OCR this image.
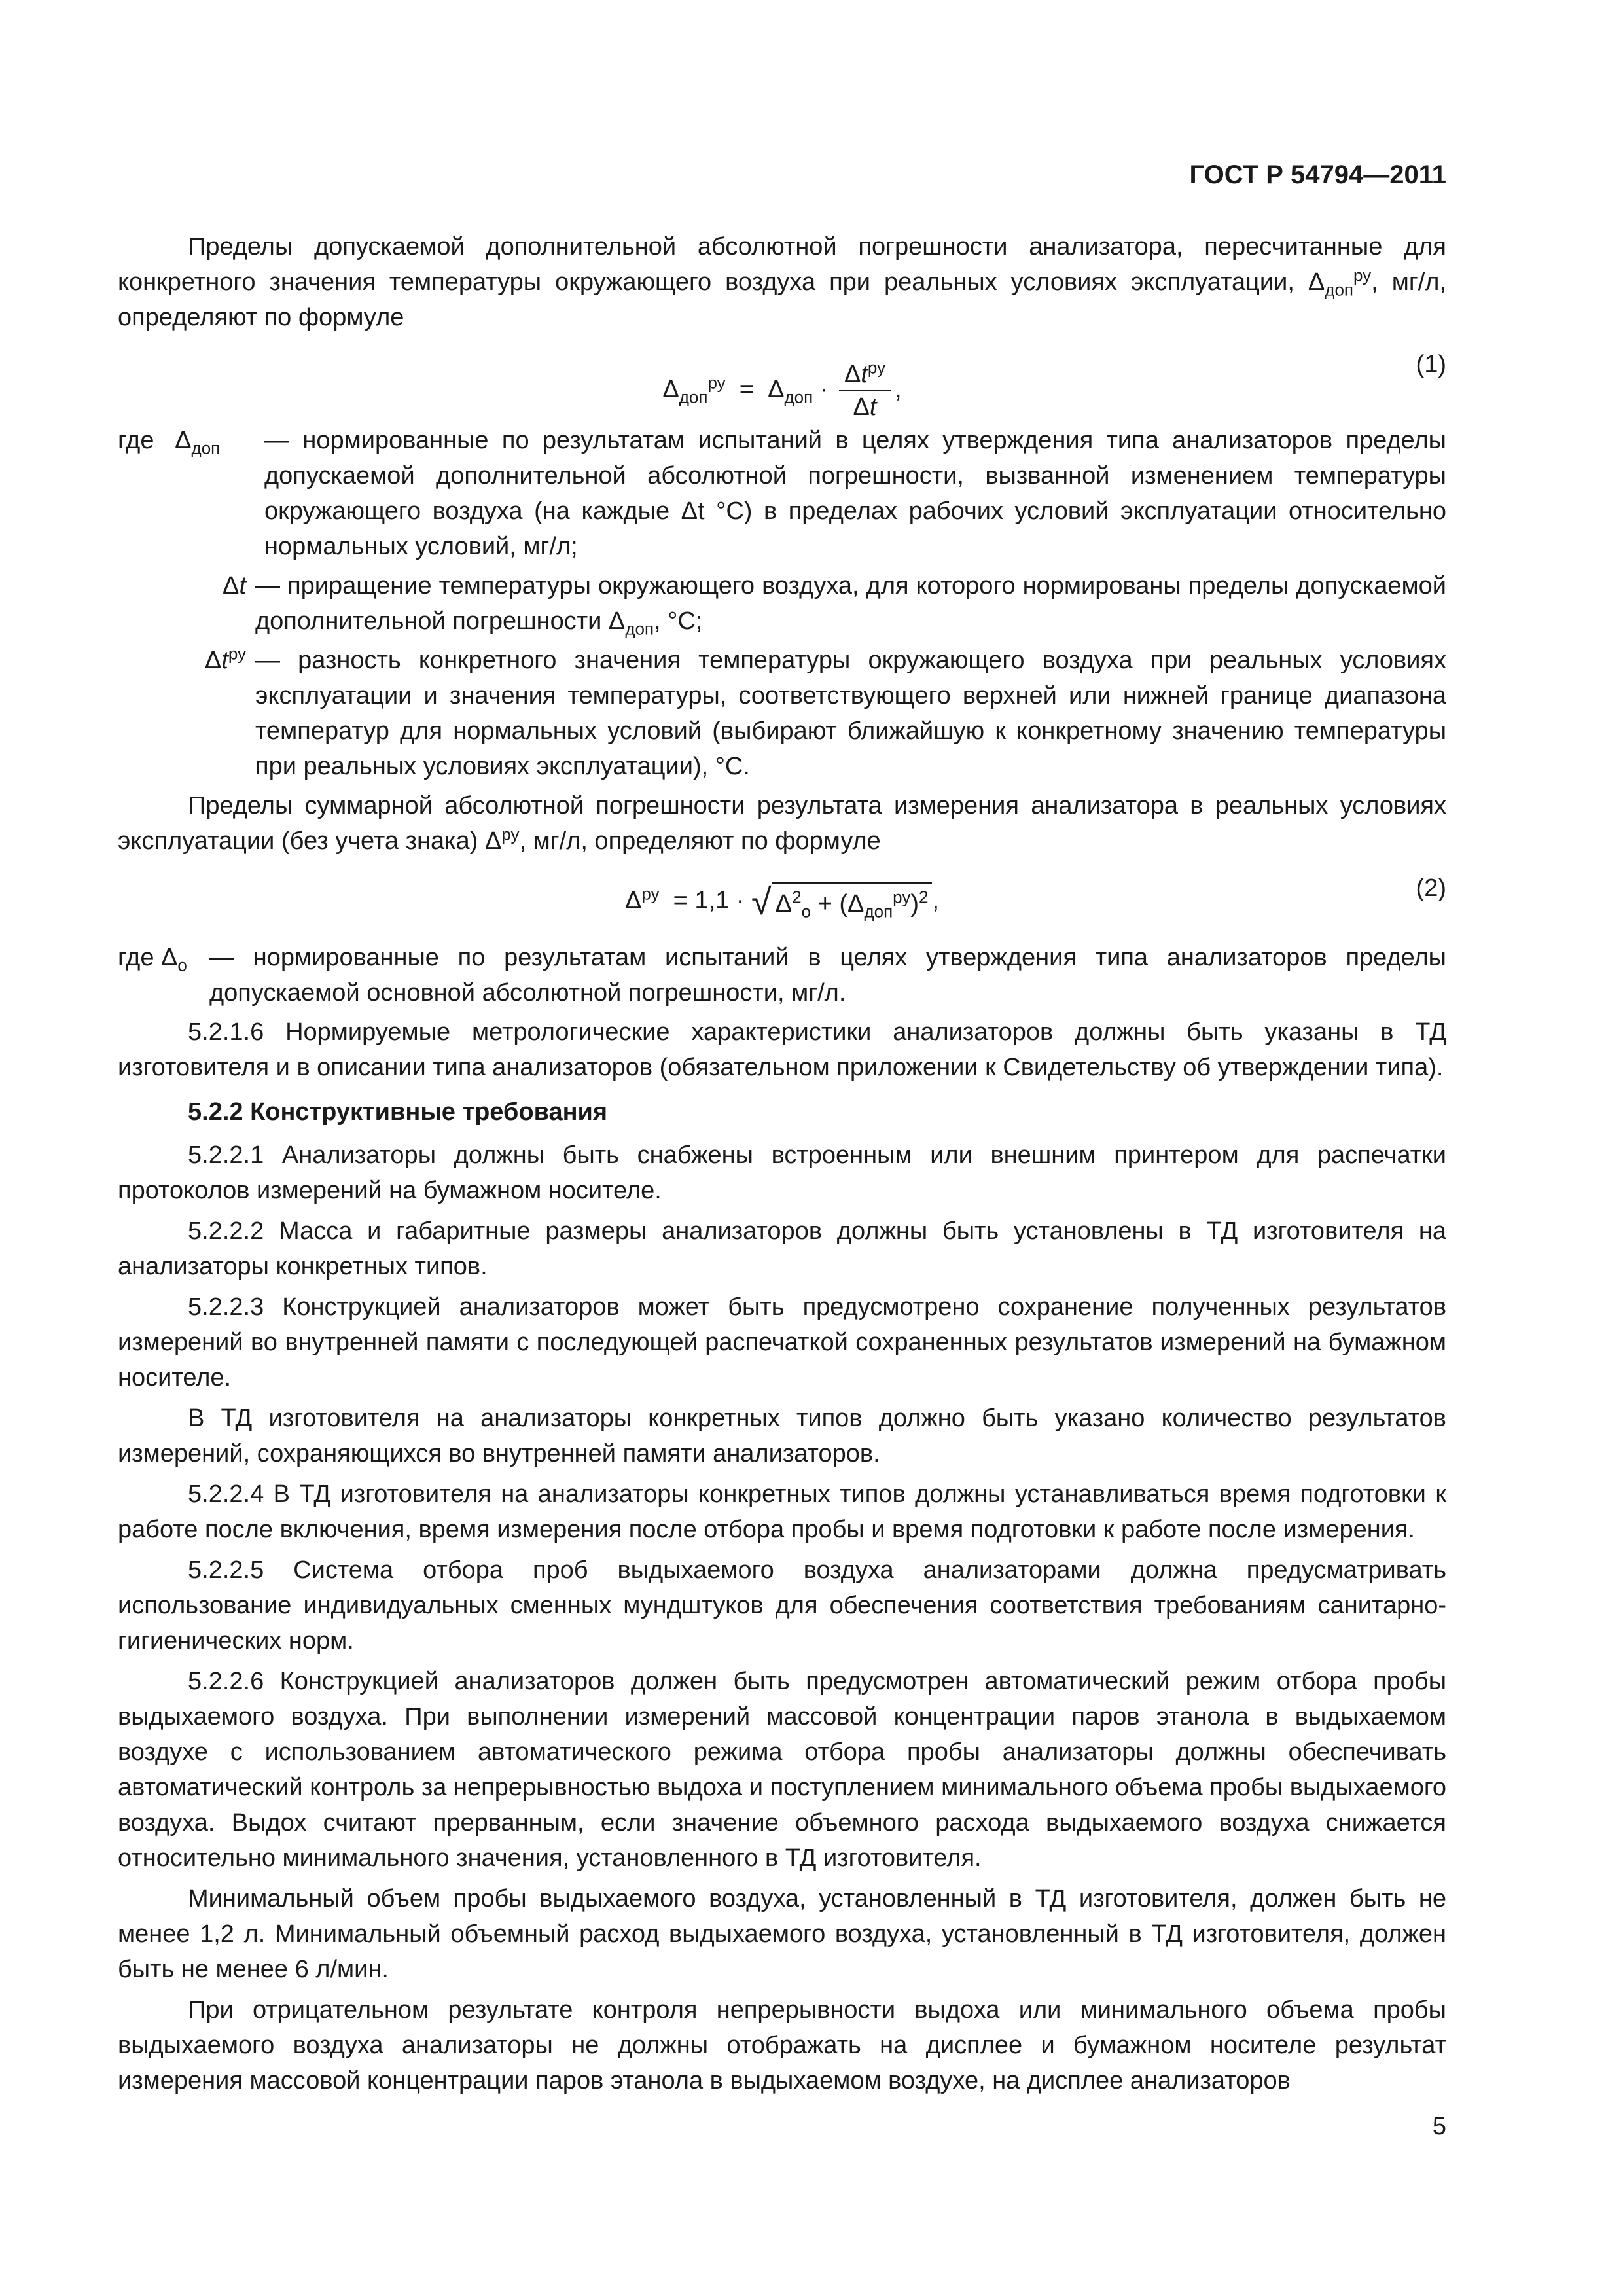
ГОСТ Р 54794—2011

Пределы допускаемой дополнительной абсолютной погрешности анализатора, пересчитанные для конкретного значения температуры окружающего воздуха при реальных условиях эксплуатации, $\Delta_{доп}^{ру}$, мг/л, определяют по формуле

$\Delta_{доп}^{ру} = \Delta_{доп} \cdot \frac{\Delta t^{ру}}{\Delta t}$ ,
(1)
где   $\Delta_{доп}$	— нормированные по результатам испытаний в целях утверждения типа анализаторов пределы допускаемой дополнительной абсолютной погрешности, вызванной изменением температуры окружающего воздуха (на каждые Δt °С) в пределах рабочих условий эксплуатации относительно нормальных условий, мг/л;
Δt — приращение температуры окружающего воздуха, для которого нормированы пределы допускаемой дополнительной погрешности $\Delta_{доп}$, °С;
$\Delta t^{ру}$ — разность конкретного значения температуры окружающего воздуха при реальных условиях эксплуатации и значения температуры, соответствующего верхней или нижней границе диапазона температур для нормальных условий (выбирают ближайшую к конкретному значению температуры при реальных условиях эксплуатации), °С.

Пределы суммарной абсолютной погрешности результата измерения анализатора в реальных условиях эксплуатации (без учета знака) $\Delta^{ру}$, мг/л, определяют по формуле

$\Delta^{ру} = 1,1$ · √ $\Delta^2_о + (\Delta_{доп}^{ру})^2$ ,	(2)
где $\Delta_о$ — нормированные по результатам испытаний в целях утверждения типа анализаторов пределы допускаемой основной абсолютной погрешности, мг/л.

5.2.1.6 Нормируемые метрологические характеристики анализаторов должны быть указаны в ТД изготовителя и в описании типа анализаторов (обязательном приложении к Свидетельству об утверждении типа).

5.2.2 Конструктивные требования

5.2.2.1 Анализаторы должны быть снабжены встроенным или внешним принтером для распечатки протоколов измерений на бумажном носителе.

5.2.2.2 Масса и габаритные размеры анализаторов должны быть установлены в ТД изготовителя на анализаторы конкретных типов.

5.2.2.3 Конструкцией анализаторов может быть предусмотрено сохранение полученных результатов измерений во внутренней памяти с последующей распечаткой сохраненных результатов измерений на бумажном носителе.

В ТД изготовителя на анализаторы конкретных типов должно быть указано количество результатов измерений, сохраняющихся во внутренней памяти анализаторов.

5.2.2.4 В ТД изготовителя на анализаторы конкретных типов должны устанавливаться время подготовки к работе после включения, время измерения после отбора пробы и время подготовки к работе после измерения.

5.2.2.5 Система отбора проб выдыхаемого воздуха анализаторами должна предусматривать использование индивидуальных сменных мундштуков для обеспечения соответствия требованиям санитарно-гигиенических норм.

5.2.2.6 Конструкцией анализаторов должен быть предусмотрен автоматический режим отбора пробы выдыхаемого воздуха. При выполнении измерений массовой концентрации паров этанола в выдыхаемом воздухе с использованием автоматического режима отбора пробы анализаторы должны обеспечивать автоматический контроль за непрерывностью выдоха и поступлением минимального объема пробы выдыхаемого воздуха. Выдох считают прерванным, если значение объемного расхода выдыхаемого воздуха снижается относительно минимального значения, установленного в ТД изготовителя.

Минимальный объем пробы выдыхаемого воздуха, установленный в ТД изготовителя, должен быть не менее 1,2 л. Минимальный объемный расход выдыхаемого воздуха, установленный в ТД изготовителя, должен быть не менее 6 л/мин.

При отрицательном результате контроля непрерывности выдоха или минимального объема пробы выдыхаемого воздуха анализаторы не должны отображать на дисплее и бумажном носителе результат измерения массовой концентрации паров этанола в выдыхаемом воздухе, на дисплее анализаторов

5
